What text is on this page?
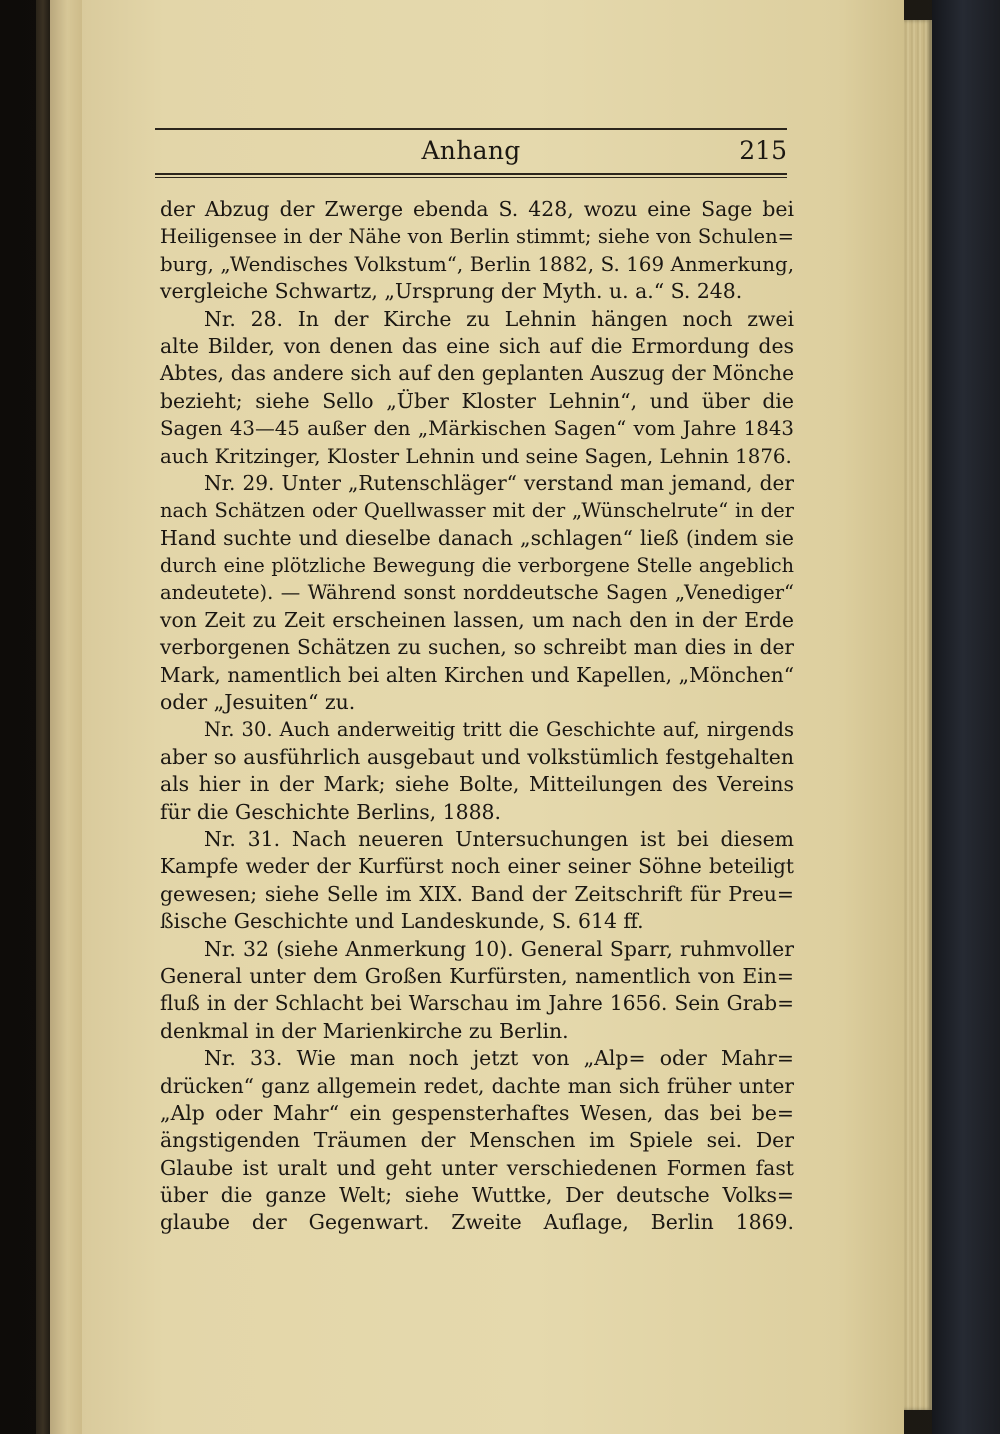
Anhang	215
der Abzug der Zwerge ebenda S. 428, wozu eine Sage bei
Heiligensee in der Nähe von Berlin stimmt; siehe von Schulen=
burg, „Wendisches Volkstum“, Berlin 1882, S. 169 Anmerkung,
vergleiche Schwartz, „Ursprung der Myth. u. a.“ S. 248.
Nr. 28. In der Kirche zu Lehnin hängen noch zwei
alte Bilder, von denen das eine sich auf die Ermordung des
Abtes, das andere sich auf den geplanten Auszug der Mönche
bezieht; siehe Sello „Über Kloster Lehnin“, und über die
Sagen 43—45 außer den „Märkischen Sagen“ vom Jahre 1843
auch Kritzinger, Kloster Lehnin und seine Sagen, Lehnin 1876.
Nr. 29. Unter „Rutenschläger“ verstand man jemand, der
nach Schätzen oder Quellwasser mit der „Wünschelrute“ in der
Hand suchte und dieselbe danach „schlagen“ ließ (indem sie
durch eine plötzliche Bewegung die verborgene Stelle angeblich
andeutete). — Während sonst norddeutsche Sagen „Venediger“
von Zeit zu Zeit erscheinen lassen, um nach den in der Erde
verborgenen Schätzen zu suchen, so schreibt man dies in der
Mark, namentlich bei alten Kirchen und Kapellen, „Mönchen“
oder „Jesuiten“ zu.
Nr. 30. Auch anderweitig tritt die Geschichte auf, nirgends
aber so ausführlich ausgebaut und volkstümlich festgehalten
als hier in der Mark; siehe Bolte, Mitteilungen des Vereins
für die Geschichte Berlins, 1888.
Nr. 31. Nach neueren Untersuchungen ist bei diesem
Kampfe weder der Kurfürst noch einer seiner Söhne beteiligt
gewesen; siehe Selle im XIX. Band der Zeitschrift für Preu=
ßische Geschichte und Landeskunde, S. 614 ff.
Nr. 32 (siehe Anmerkung 10). General Sparr, ruhmvoller
General unter dem Großen Kurfürsten, namentlich von Ein=
fluß in der Schlacht bei Warschau im Jahre 1656. Sein Grab=
denkmal in der Marienkirche zu Berlin.
Nr. 33. Wie man noch jetzt von „Alp= oder Mahr=
drücken“ ganz allgemein redet, dachte man sich früher unter
„Alp oder Mahr“ ein gespensterhaftes Wesen, das bei be=
ängstigenden Träumen der Menschen im Spiele sei. Der
Glaube ist uralt und geht unter verschiedenen Formen fast
über die ganze Welt; siehe Wuttke, Der deutsche Volks=
glaube der Gegenwart. Zweite Auflage, Berlin 1869.
